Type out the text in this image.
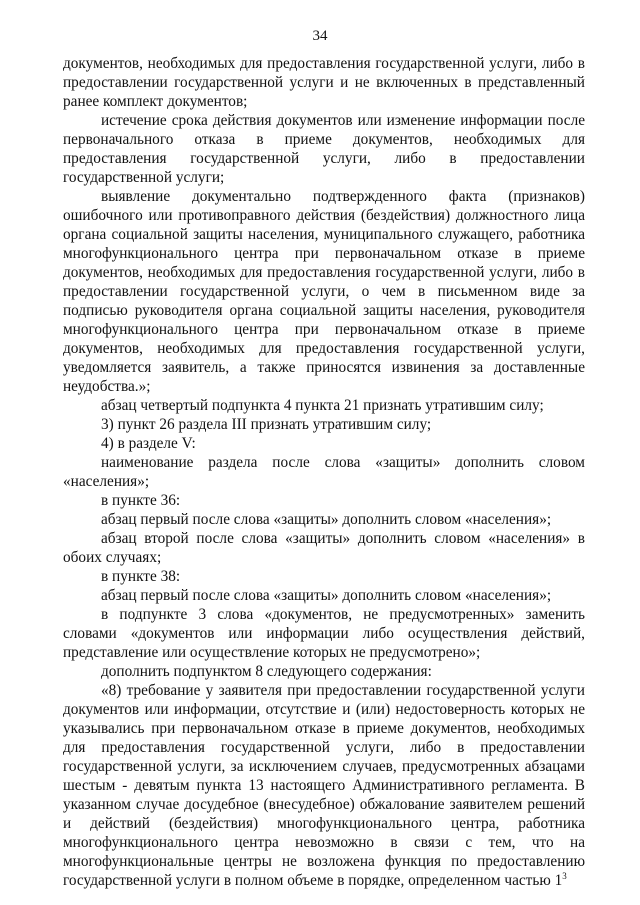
34

документов, необходимых для предоставления государственной услуги, либо в предоставлении государственной услуги и не включенных в представленный ранее комплект документов;

истечение срока действия документов или изменение информации после первоначального отказа в приеме документов, необходимых для предоставления государственной услуги, либо в предоставлении государственной услуги;

выявление документально подтвержденного факта (признаков) ошибочного или противоправного действия (бездействия) должностного лица органа социальной защиты населения, муниципального служащего, работника многофункционального центра при первоначальном отказе в приеме документов, необходимых для предоставления государственной услуги, либо в предоставлении государственной услуги, о чем в письменном виде за подписью руководителя органа социальной защиты населения, руководителя многофункционального центра при первоначальном отказе в приеме документов, необходимых для предоставления государственной услуги, уведомляется заявитель, а также приносятся извинения за доставленные неудобства.»;

абзац четвертый подпункта 4 пункта 21 признать утратившим силу;

3) пункт 26 раздела III признать утратившим силу;

4) в разделе V:

наименование раздела после слова «защиты» дополнить словом «населения»;

в пункте 36:

абзац первый после слова «защиты» дополнить словом «населения»;

абзац второй после слова «защиты» дополнить словом «населения» в обоих случаях;

в пункте 38:

абзац первый после слова «защиты» дополнить словом «населения»;

в подпункте 3 слова «документов, не предусмотренных» заменить словами «документов или информации либо осуществления действий, представление или осуществление которых не предусмотрено»;

дополнить подпунктом 8 следующего содержания:

«8) требование у заявителя при предоставлении государственной услуги документов или информации, отсутствие и (или) недостоверность которых не указывались при первоначальном отказе в приеме документов, необходимых для предоставления государственной услуги, либо в предоставлении государственной услуги, за исключением случаев, предусмотренных абзацами шестым - девятым пункта 13 настоящего Административного регламента. В указанном случае досудебное (внесудебное) обжалование заявителем решений и действий (бездействия) многофункционального центра, работника многофункционального центра невозможно в связи с тем, что на многофункциональные центры не возложена функция по предоставлению государственной услуги в полном объеме в порядке, определенном частью $1^3$
